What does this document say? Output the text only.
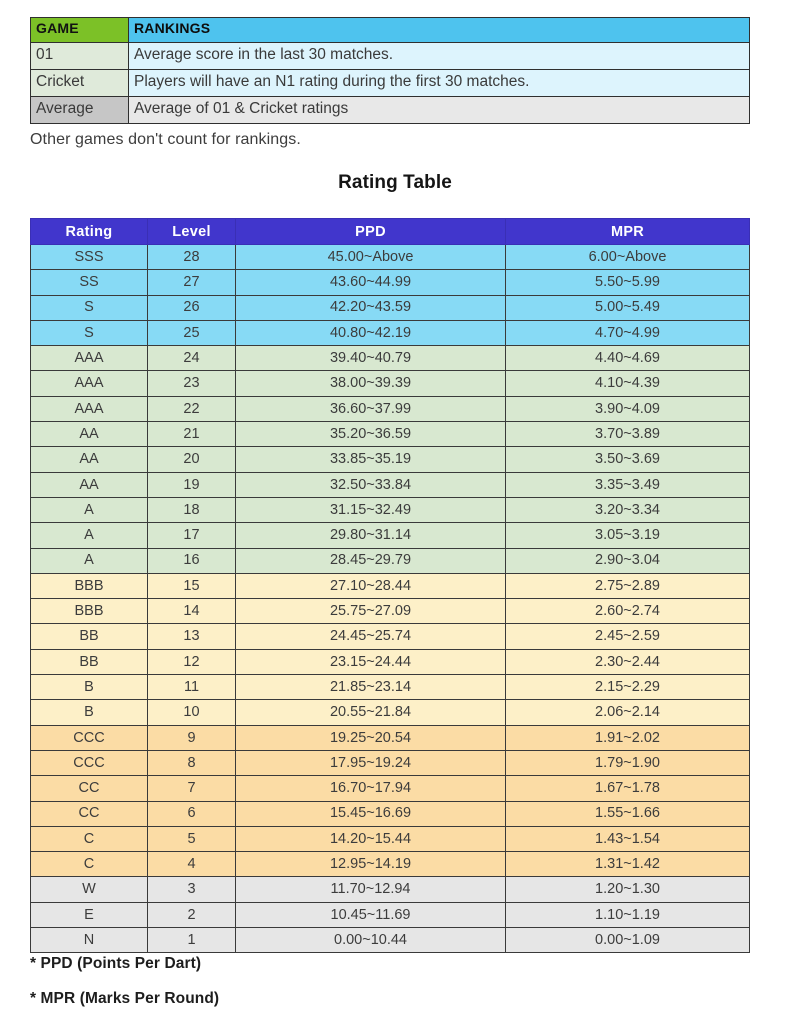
GAME	RANKINGS
01	Average score in the last 30 matches.
Cricket	Players will have an N1 rating during the first 30 matches.
Average	Average of 01 & Cricket ratings
Other games don't count for rankings.
Rating Table
Rating	Level	PPD	MPR
SSS	28	45.00~Above	6.00~Above
SS	27	43.60~44.99	5.50~5.99
S	26	42.20~43.59	5.00~5.49
S	25	40.80~42.19	4.70~4.99
AAA	24	39.40~40.79	4.40~4.69
AAA	23	38.00~39.39	4.10~4.39
AAA	22	36.60~37.99	3.90~4.09
AA	21	35.20~36.59	3.70~3.89
AA	20	33.85~35.19	3.50~3.69
AA	19	32.50~33.84	3.35~3.49
A	18	31.15~32.49	3.20~3.34
A	17	29.80~31.14	3.05~3.19
A	16	28.45~29.79	2.90~3.04
BBB	15	27.10~28.44	2.75~2.89
BBB	14	25.75~27.09	2.60~2.74
BB	13	24.45~25.74	2.45~2.59
BB	12	23.15~24.44	2.30~2.44
B	11	21.85~23.14	2.15~2.29
B	10	20.55~21.84	2.06~2.14
CCC	9	19.25~20.54	1.91~2.02
CCC	8	17.95~19.24	1.79~1.90
CC	7	16.70~17.94	1.67~1.78
CC	6	15.45~16.69	1.55~1.66
C	5	14.20~15.44	1.43~1.54
C	4	12.95~14.19	1.31~1.42
W	3	11.70~12.94	1.20~1.30
E	2	10.45~11.69	1.10~1.19
N	1	0.00~10.44	0.00~1.09
* PPD (Points Per Dart)
* MPR (Marks Per Round)
